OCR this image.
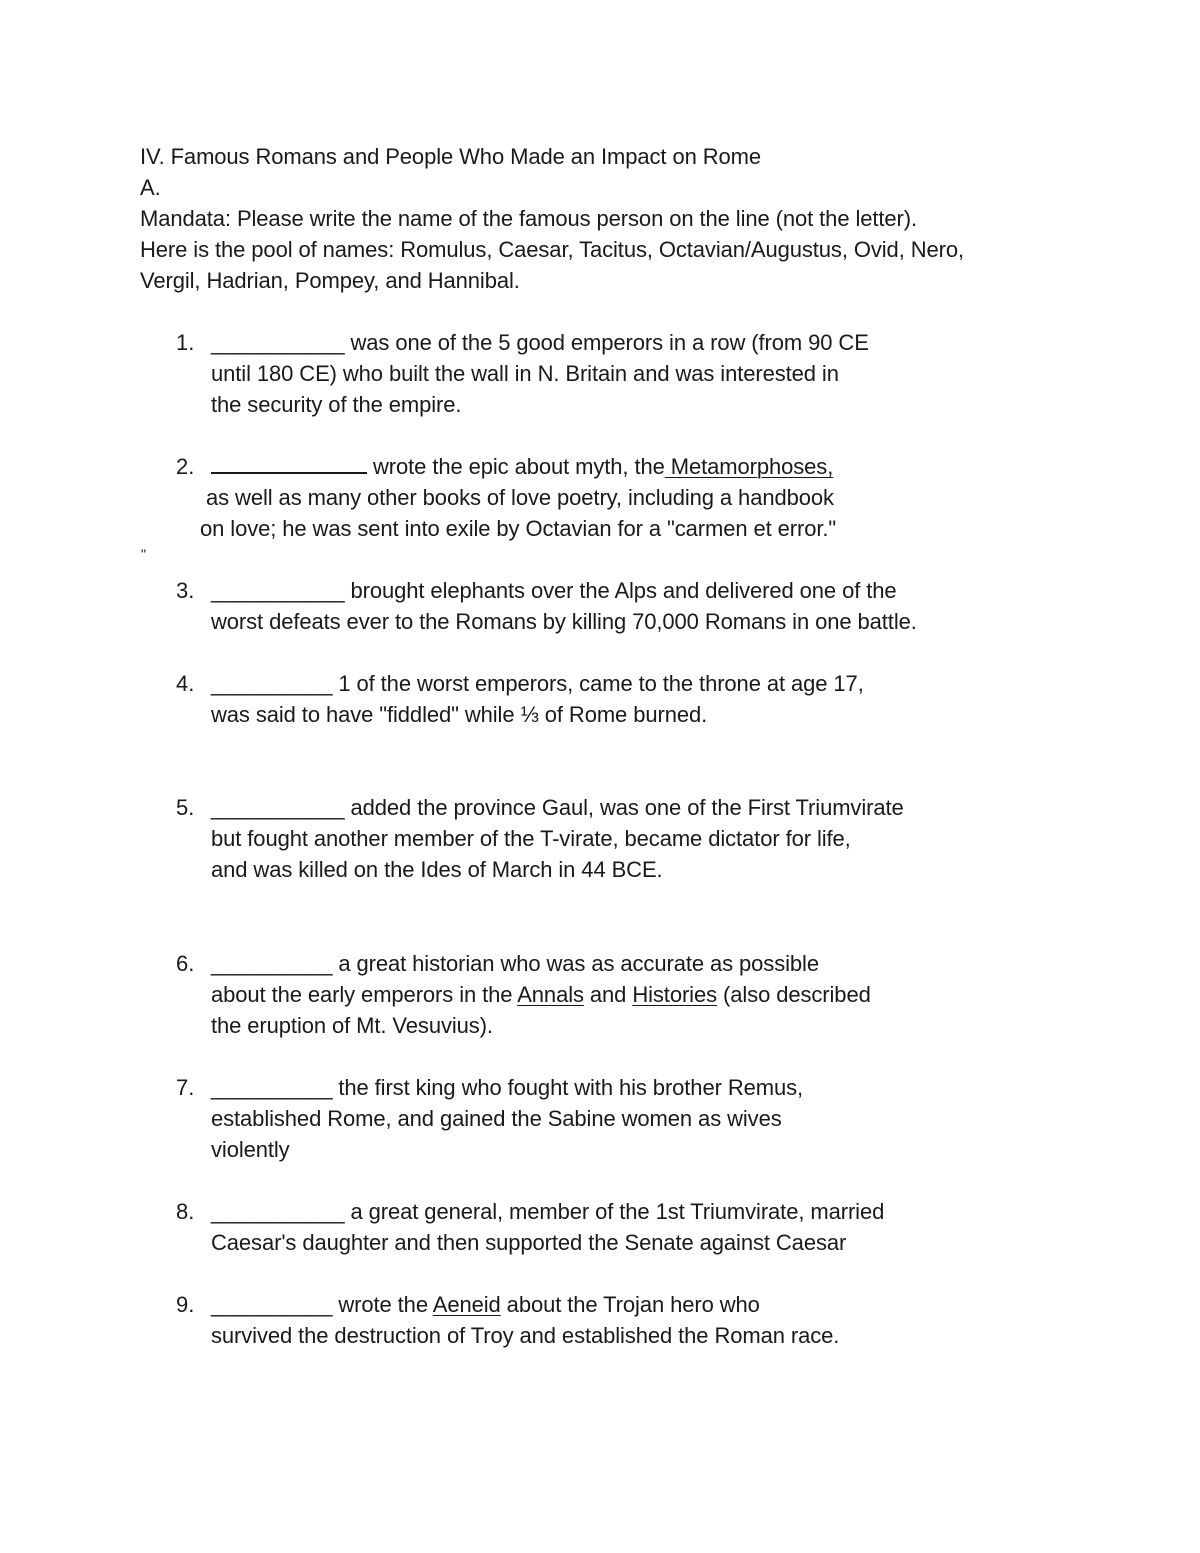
IV. Famous Romans and People Who Made an Impact on Rome
A.
Mandata: Please write the name of the famous person on the line (not the letter).
Here is the pool of names: Romulus, Caesar, Tacitus, Octavian/Augustus, Ovid, Nero,
Vergil, Hadrian, Pompey, and Hannibal.
1. ___________ was one of the 5 good emperors in a row (from 90 CE
until 180 CE) who built the wall in N. Britain and was interested in
the security of the empire.
2.	wrote the epic about myth, the Metamorphoses,
as well as many other books of love poetry, including a handbook
on love; he was sent into exile by Octavian for a "carmen et error."
"
3. ___________ brought elephants over the Alps and delivered one of the
worst defeats ever to the Romans by killing 70,000 Romans in one battle.
4. __________ 1 of the worst emperors, came to the throne at age 17,
was said to have "fiddled" while ⅓ of Rome burned.
5. ___________ added the province Gaul, was one of the First Triumvirate
but fought another member of the T-virate, became dictator for life,
and was killed on the Ides of March in 44 BCE.
6. __________ a great historian who was as accurate as possible
about the early emperors in the Annals and Histories (also described
the eruption of Mt. Vesuvius).
7. __________ the first king who fought with his brother Remus,
established Rome, and gained the Sabine women as wives
violently
8. ___________ a great general, member of the 1st Triumvirate, married
Caesar's daughter and then supported the Senate against Caesar
9. __________ wrote the Aeneid about the Trojan hero who
survived the destruction of Troy and established the Roman race.
